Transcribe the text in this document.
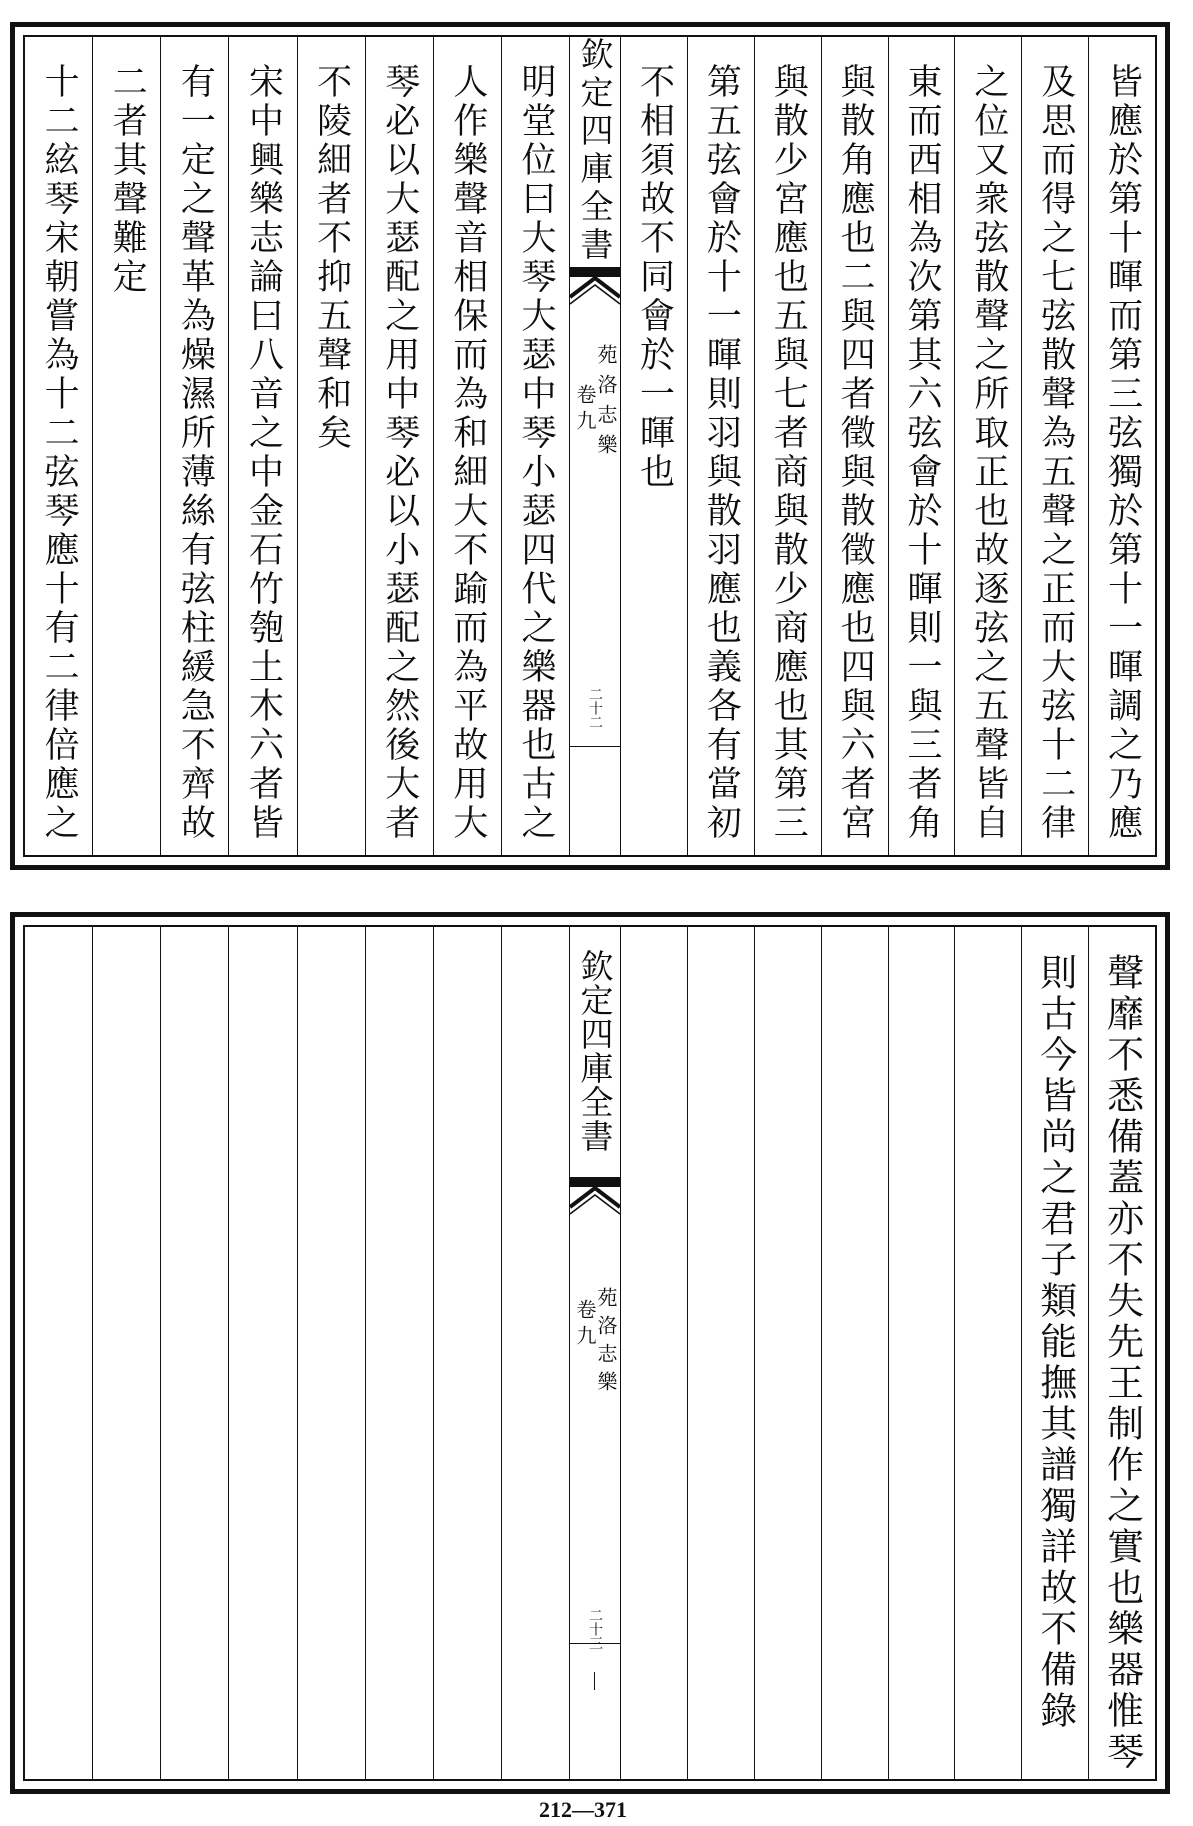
皆應於第十暉而第三弦獨於第十一暉調之乃應
及思而得之七弦散聲為五聲之正而大弦十二律
之位又衆弦散聲之所取正也故逐弦之五聲皆自
東而西相為次第其六弦會於十暉則一與三者角
與散角應也二與四者徵與散徵應也四與六者宮
與散少宮應也五與七者商與散少商應也其第三
第五弦會於十一暉則羽與散羽應也義各有當初
不相須故不同會於一暉也
欽定四庫全書
苑洛志樂
卷九
二十二
明堂位曰大琴大瑟中琴小瑟四代之樂器也古之
人作樂聲音相保而為和細大不踰而為平故用大
琴必以大瑟配之用中琴必以小瑟配之然後大者
不陵細者不抑五聲和矣
宋中興樂志論曰八音之中金石竹匏土木六者皆
有一定之聲革為燥濕所薄絲有弦柱緩急不齊故
二者其聲難定
十二絃琴宋朝嘗為十二弦琴應十有二律倍應之
聲靡不悉備蓋亦不失先王制作之實也樂器惟琴
則古今皆尚之君子類能撫其譜獨詳故不備錄
欽定四庫全書
苑洛志樂
卷九
二十三
212—371
